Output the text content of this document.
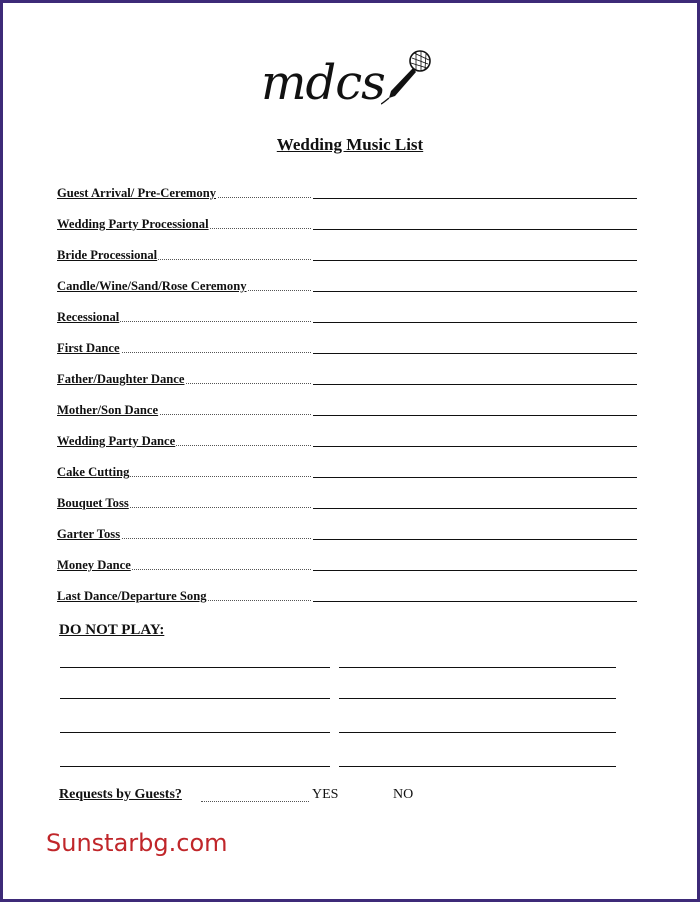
mdcs
Wedding Music List
Guest Arrival/ Pre-Ceremony
Wedding Party Processional
Bride Processional
Candle/Wine/Sand/Rose Ceremony
Recessional
First Dance
Father/Daughter Dance
Mother/Son Dance
Wedding Party Dance
Cake Cutting
Bouquet Toss
Garter Toss
Money Dance
Last Dance/Departure Song
DO NOT PLAY:
Requests by Guests?	YES	NO
Sunstarbg.com
